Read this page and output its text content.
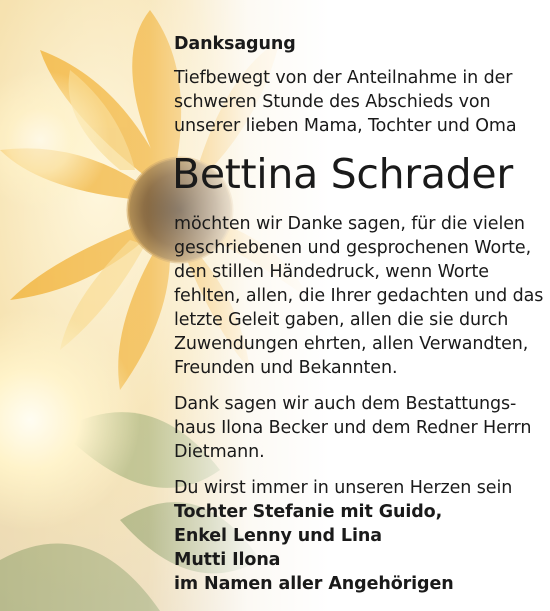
Danksagung

Tiefbewegt von der Anteilnahme in der
schweren Stunde des Abschieds von
unserer lieben Mama, Tochter und Oma

Bettina Schrader

möchten wir Danke sagen, für die vielen
geschriebenen und gesprochenen Worte,
den stillen Händedruck, wenn Worte
fehlten, allen, die Ihrer gedachten und das
letzte Geleit gaben, allen die sie durch
Zuwendungen ehrten, allen Verwandten,
Freunden und Bekannten.

Dank sagen wir auch dem Bestattungs-
haus Ilona Becker und dem Redner Herrn
Dietmann.

Du wirst immer in unseren Herzen sein
Tochter Stefanie mit Guido,
Enkel Lenny und Lina
Mutti Ilona
im Namen aller Angehörigen
